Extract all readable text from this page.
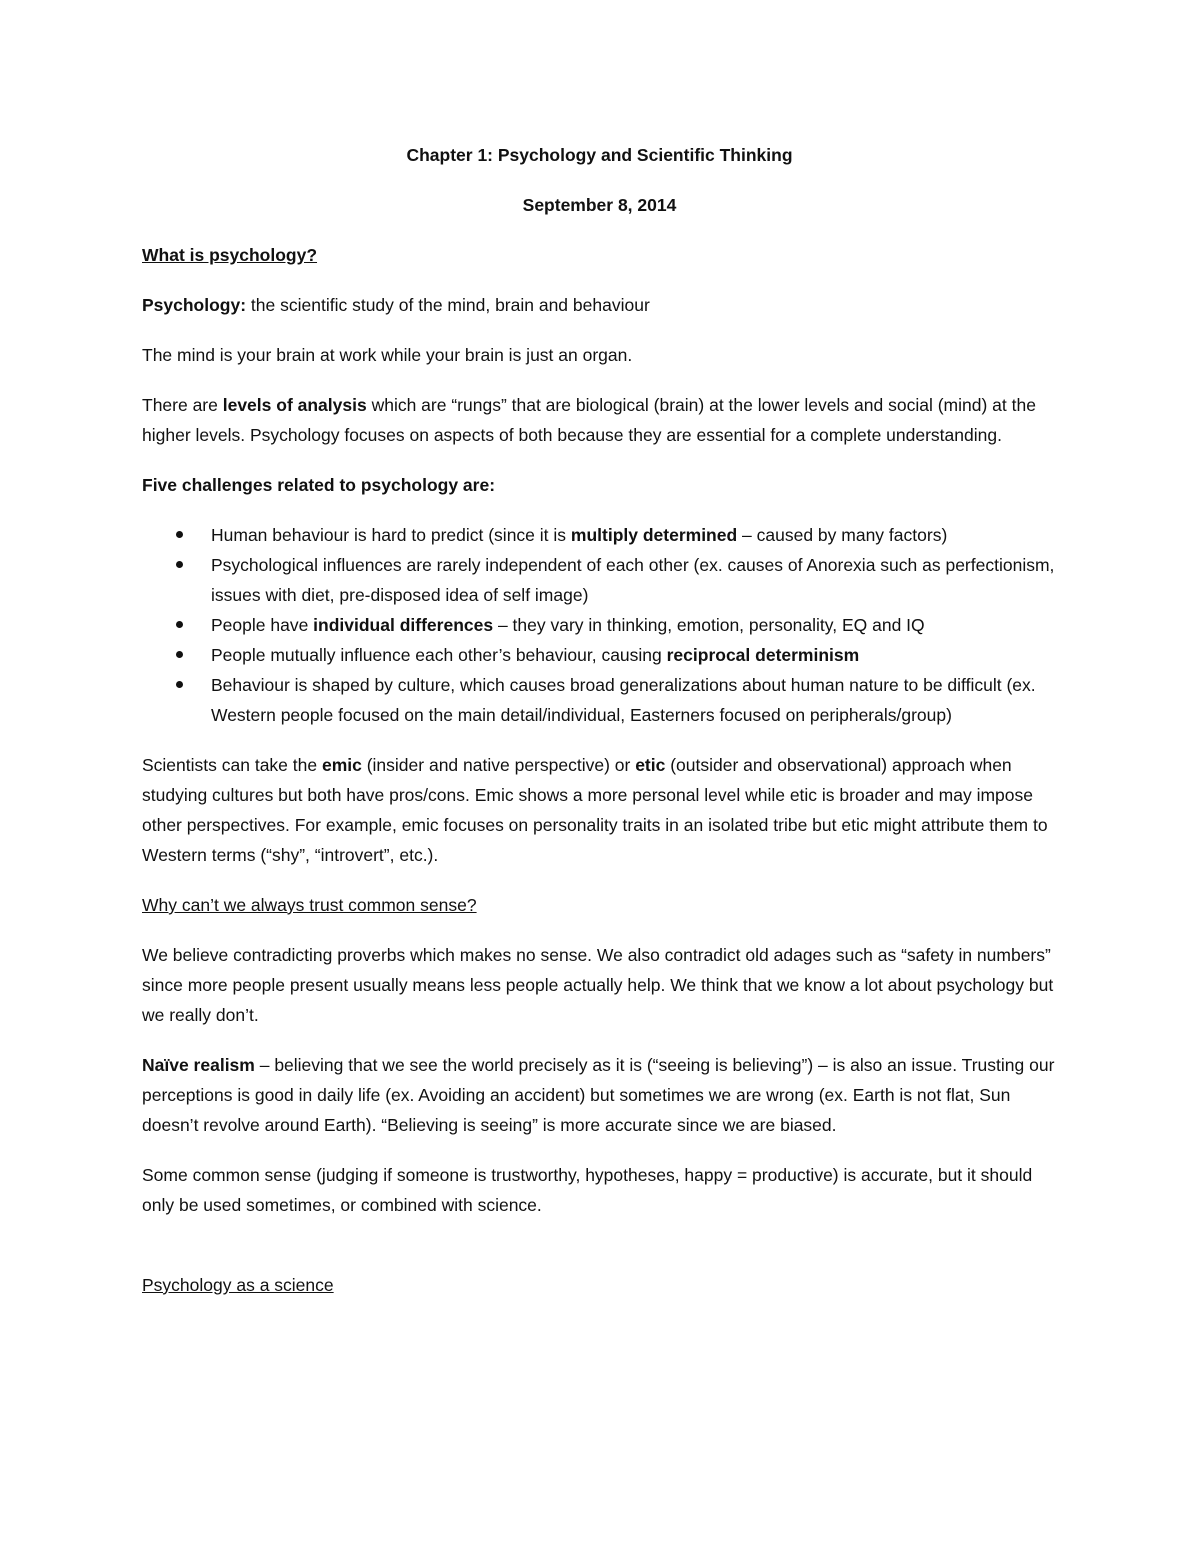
Chapter 1: Psychology and Scientific Thinking

September 8, 2014

What is psychology?

Psychology: the scientific study of the mind, brain and behaviour

The mind is your brain at work while your brain is just an organ.

There are levels of analysis which are “rungs” that are biological (brain) at the lower levels and social (mind) at the higher levels. Psychology focuses on aspects of both because they are essential for a complete understanding.

Five challenges related to psychology are:

Human behaviour is hard to predict (since it is multiply determined – caused by many factors)
Psychological influences are rarely independent of each other (ex. causes of Anorexia such as perfectionism, issues with diet, pre-disposed idea of self image)
People have individual differences – they vary in thinking, emotion, personality, EQ and IQ
People mutually influence each other’s behaviour, causing reciprocal determinism
Behaviour is shaped by culture, which causes broad generalizations about human nature to be difficult (ex. Western people focused on the main detail/individual, Easterners focused on peripherals/group)

Scientists can take the emic (insider and native perspective) or etic (outsider and observational) approach when studying cultures but both have pros/cons. Emic shows a more personal level while etic is broader and may impose other perspectives. For example, emic focuses on personality traits in an isolated tribe but etic might attribute them to Western terms (“shy”, “introvert”, etc.).

Why can’t we always trust common sense?

We believe contradicting proverbs which makes no sense. We also contradict old adages such as “safety in numbers” since more people present usually means less people actually help. We think that we know a lot about psychology but we really don’t.

Naïve realism – believing that we see the world precisely as it is (“seeing is believing”) – is also an issue. Trusting our perceptions is good in daily life (ex. Avoiding an accident) but sometimes we are wrong (ex. Earth is not flat, Sun doesn’t revolve around Earth). “Believing is seeing” is more accurate since we are biased.

Some common sense (judging if someone is trustworthy, hypotheses, happy = productive) is accurate, but it should only be used sometimes, or combined with science.

Psychology as a science
